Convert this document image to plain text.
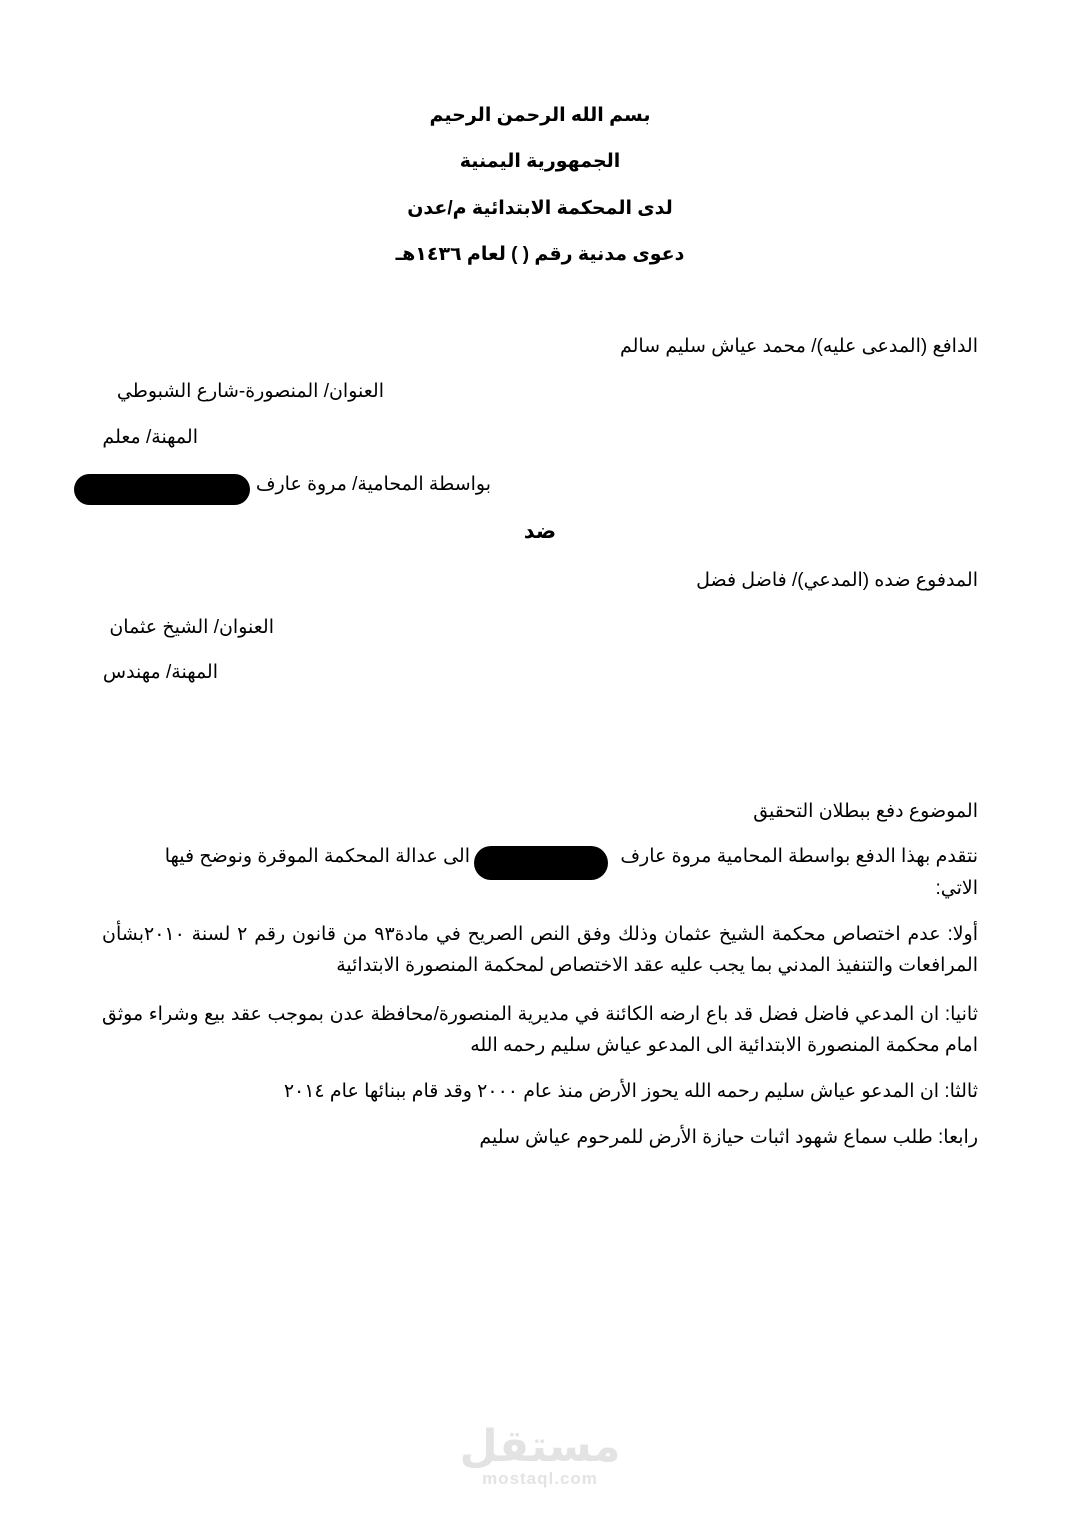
بسم الله الرحمن الرحيم
الجمهورية اليمنية
لدى المحكمة الابتدائية م/عدن
دعوى مدنية رقم ( ) لعام ١٤٣٦هـ
الدافع (المدعى عليه)/ محمد عياش سليم سالم
العنوان/ المنصورة-شارع الشبوطي
المهنة/ معلم
بواسطة المحامية/ مروة عارف
ضد
المدفوع ضده (المدعي)/ فاضل فضل
العنوان/ الشيخ عثمان
المهنة/ مهندس
الموضوع دفع ببطلان التحقيق
نتقدم بهذا الدفع بواسطة المحامية مروة عارف
الى عدالة المحكمة الموقرة ونوضح فيها
الاتي:
أولا: عدم اختصاص محكمة الشيخ عثمان وذلك وفق النص الصريح في مادة٩٣ من قانون رقم ٢ لسنة ٢٠١٠بشأن المرافعات والتنفيذ المدني بما يجب عليه عقد الاختصاص لمحكمة المنصورة الابتدائية
ثانيا: ان المدعي فاضل فضل قد باع ارضه الكائنة في مديرية المنصورة/محافظة عدن بموجب عقد بيع وشراء موثق امام محكمة المنصورة الابتدائية الى المدعو عياش سليم رحمه الله
ثالثا: ان المدعو عياش سليم رحمه الله يحوز الأرض منذ عام ٢٠٠٠ وقد قام ببنائها عام ٢٠١٤
رابعا: طلب سماع شهود اثبات حيازة الأرض للمرحوم عياش سليم
مستقل
mostaql.com
